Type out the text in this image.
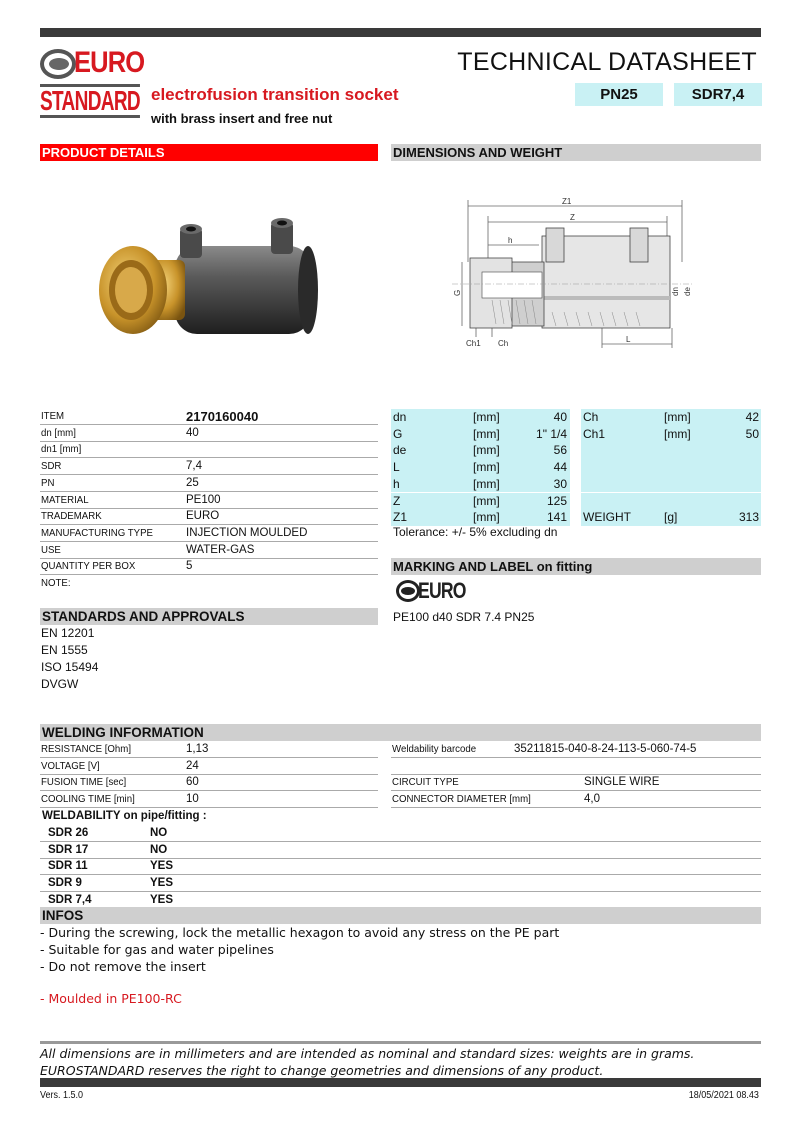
EURO
STANDARD
TECHNICAL DATASHEET
electrofusion transition socket
with brass insert and free nut
PN25	SDR7,4
PRODUCT DETAILS	DIMENSIONS AND WEIGHT
Z1
Z
h
G	dn de
L
Ch1 Ch
ITEM	2170160040
dn [mm]	40
dn1 [mm]
SDR	7,4
PN	25
MATERIAL	PE100
TRADEMARK	EURO
MANUFACTURING TYPE	INJECTION MOULDED
USE	WATER-GAS
QUANTITY PER BOX	5
NOTE:
dn	[mm]	40
G	[mm]	1" 1/4
de	[mm]	56
L	[mm]	44
h	[mm]	30
Z	[mm]	125
Z1	[mm]	141
Ch	[mm]	42
Ch1	[mm]	50
WEIGHT	[g]	313
Tolerance: +/- 5% excluding dn
MARKING AND LABEL on fitting
EURO
PE100 d40 SDR 7.4 PN25
STANDARDS AND APPROVALS
EN 12201
EN 1555
ISO 15494
DVGW
WELDING INFORMATION
RESISTANCE [Ohm]	1,13
VOLTAGE [V]	24
FUSION TIME [sec]	60
COOLING TIME [min]	10
Weldability barcode	35211815-040-8-24-113-5-060-74-5
CIRCUIT TYPE	SINGLE WIRE
CONNECTOR DIAMETER [mm]	4,0
WELDABILITY on pipe/fitting :
SDR 26	NO
SDR 17	NO
SDR 11	YES
SDR 9	YES
SDR 7,4	YES
INFOS
- During the screwing, lock the metallic hexagon to avoid any stress on the PE part
- Suitable for gas and water pipelines
- Do not remove the insert
- Moulded in PE100-RC
All dimensions are in millimeters and are intended as nominal and standard sizes: weights are in grams.
EUROSTANDARD reserves the right to change geometries and dimensions of any product.
Vers. 1.5.0	18/05/2021 08.43
